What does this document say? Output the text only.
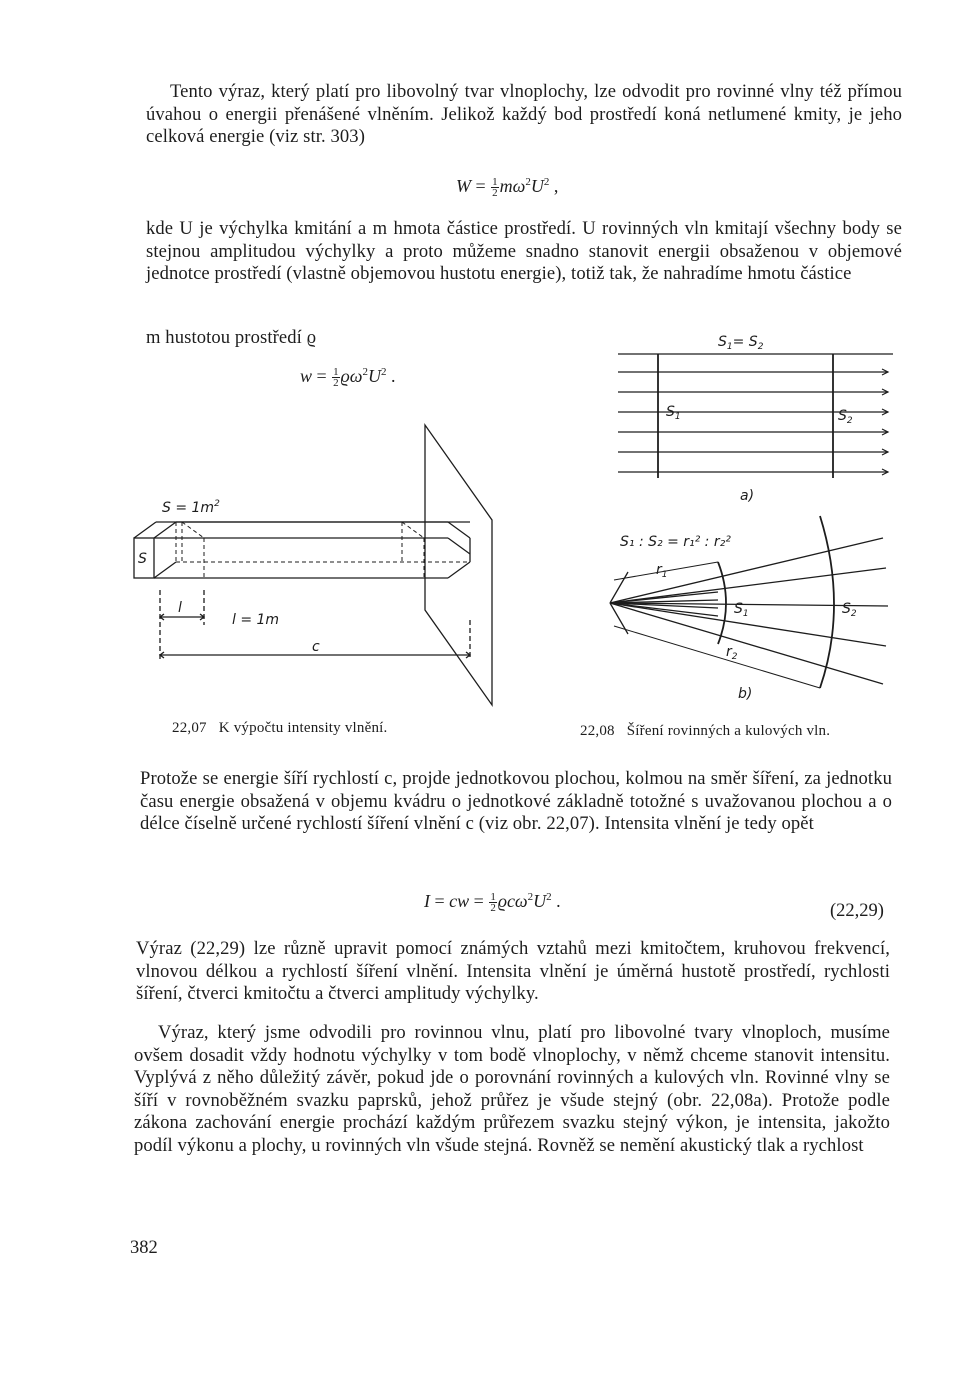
Tento výraz, který platí pro libovolný tvar vlnoplochy, lze odvodit pro rovinné vlny též přímou úvahou o energii přenášené vlněním. Jelikož každý bod prostředí koná netlumené kmity, je jeho celková energie (viz str. 303)

$W = \frac{1}{2} m\omega^2U^2$ ,

kde U je výchylka kmitání a m hmota částice prostředí. U rovinných vln kmitají všechny body se stejnou amplitudou výchylky a proto můžeme snadno stanovit energii obsaženou v objemové jednotce prostředí (vlastně objemovou hustotu energie), totiž tak, že nahradíme hmotu částice

m hustotou prostředí ϱ

$w = \frac{1}{2} ϱ\omega^2U^2$ .
$S = 1m^2$
S
l
l = 1m
c
$S_1= S_2$
$S_1$	$S_2$
a)
S₁ : S₂ = r₁² : r₂²
$r_1$
$S_1$	$S_2$
$r_2$
b)
22,07 K výpočtu intensity vlnění.	22,08 Šíření rovinných a kulových vln.

Protože se energie šíří rychlostí c, projde jednotkovou plochou, kolmou na směr šíření, za jednotku času energie obsažená v objemu kvádru o jednotkové základně totožné s uvažovanou plochou a o délce číselně určené rychlostí šíření vlnění c (viz obr. 22,07). Intensita vlnění je tedy opět

I = cw = $\frac{1}{2} ϱc\omega^2U^2$ .	(22,29)

Výraz (22,29) lze různě upravit pomocí známých vztahů mezi kmitočtem, kruhovou frekvencí, vlnovou délkou a rychlostí šíření vlnění. Intensita vlnění je úměrná hustotě prostředí, rychlosti šíření, čtverci kmitočtu a čtverci amplitudy výchylky.

Výraz, který jsme odvodili pro rovinnou vlnu, platí pro libovolné tvary vlnoploch, musíme ovšem dosadit vždy hodnotu výchylky v tom bodě vlnoplochy, v němž chceme stanovit intensitu. Vyplývá z něho důležitý závěr, pokud jde o porovnání rovinných a kulových vln. Rovinné vlny se šíří v rovnoběžném svazku paprsků, jehož průřez je všude stejný (obr. 22,08a). Protože podle zákona zachování energie prochází každým průřezem svazku stejný výkon, je intensita, jakožto podíl výkonu a plochy, u rovinných vln všude stejná. Rovněž se nemění akustický tlak a rychlost

382
